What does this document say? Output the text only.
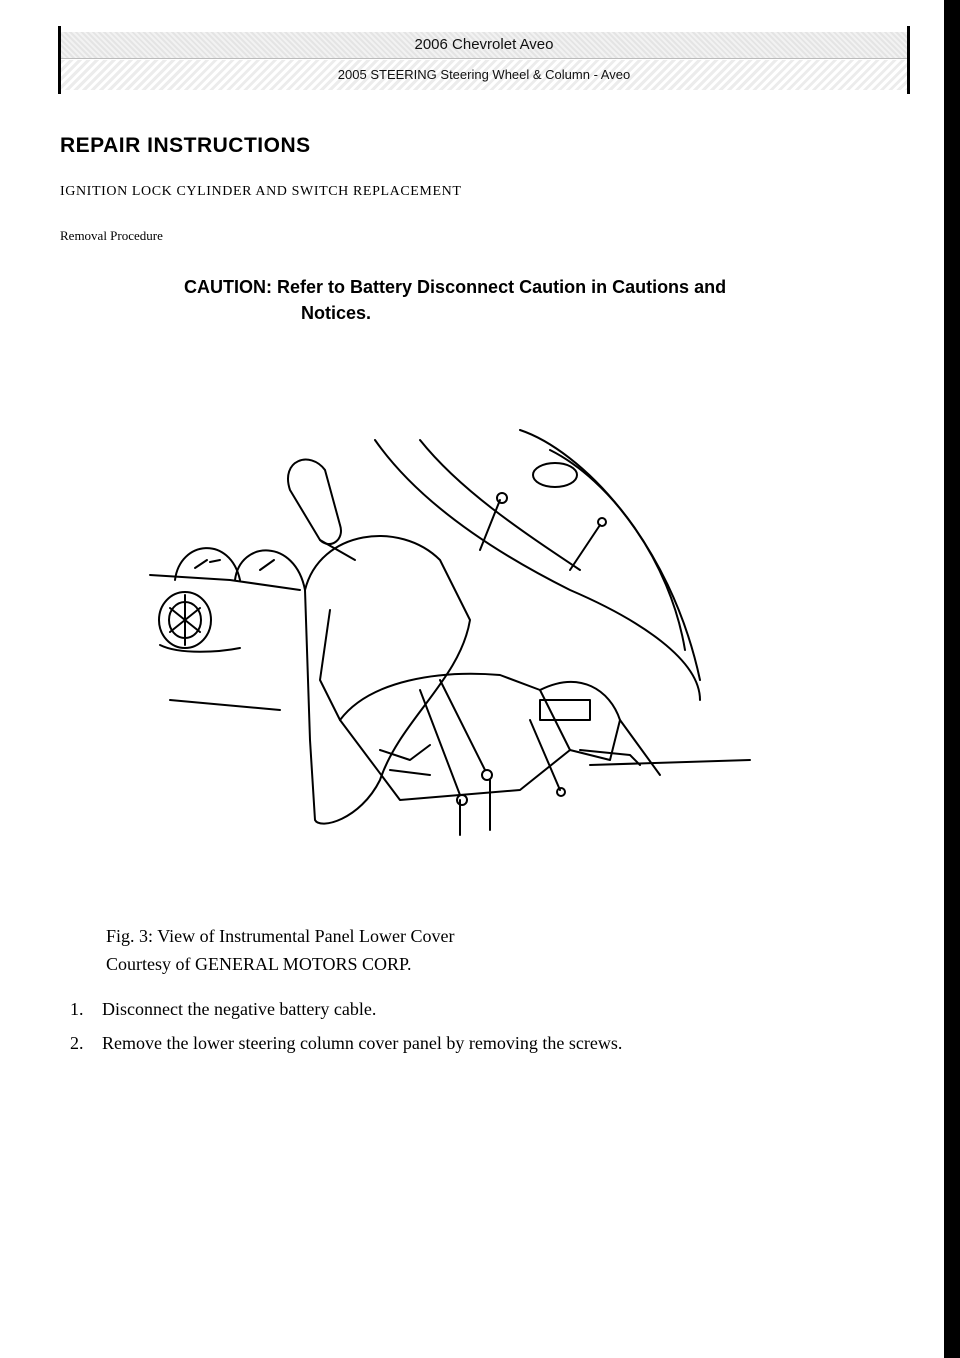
2006 Chevrolet Aveo
2005 STEERING Steering Wheel & Column - Aveo
REPAIR INSTRUCTIONS
IGNITION LOCK CYLINDER AND SWITCH REPLACEMENT
Removal Procedure
CAUTION: Refer to Battery Disconnect Caution in Cautions and
Notices.
Fig. 3: View of Instrumental Panel Lower Cover
Courtesy of GENERAL MOTORS CORP.
1.	Disconnect the negative battery cable.
2.	Remove the lower steering column cover panel by removing the screws.
